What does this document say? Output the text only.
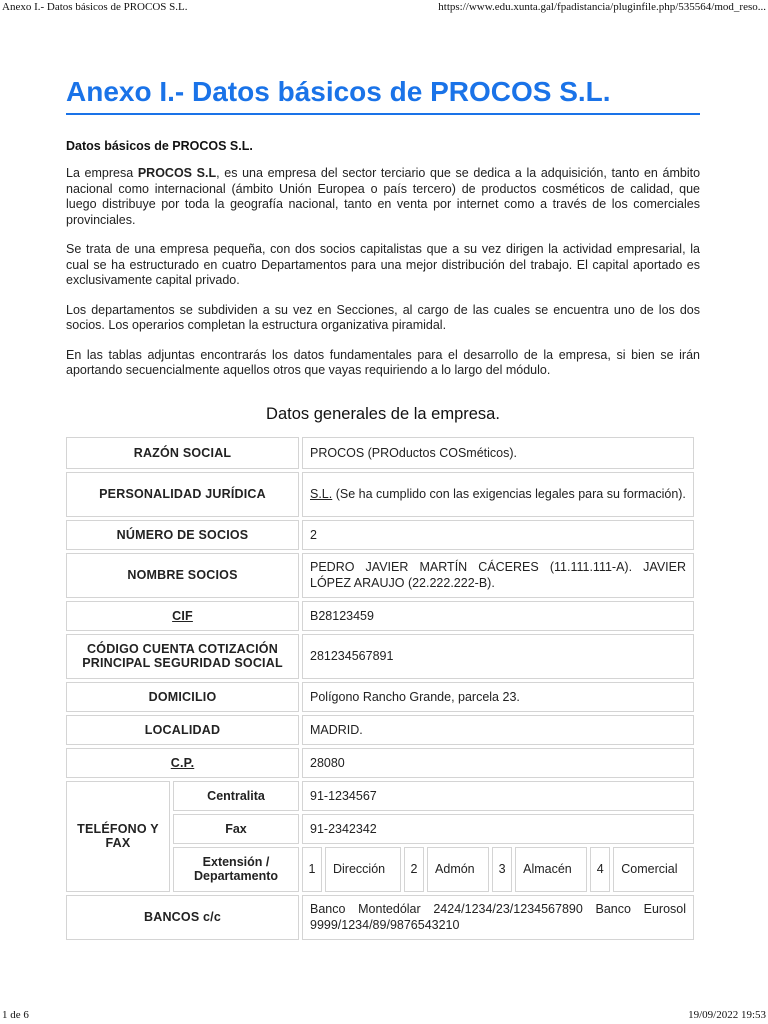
Anexo I.- Datos básicos de PROCOS S.L.	https://www.edu.xunta.gal/fpadistancia/pluginfile.php/535564/mod_reso...
Anexo I.- Datos básicos de PROCOS S.L.
Datos básicos de PROCOS S.L.

La empresa PROCOS S.L, es una empresa del sector terciario que se dedica a la adquisición, tanto en ámbito nacional como internacional (ámbito Unión Europea o país tercero) de productos cosméticos de calidad, que luego distribuye por toda la geografía nacional, tanto en venta por internet como a través de los comerciales provinciales.

Se trata de una empresa pequeña, con dos socios capitalistas que a su vez dirigen la actividad empresarial, la cual se ha estructurado en cuatro Departamentos para una mejor distribución del trabajo. El capital aportado es exclusivamente capital privado.

Los departamentos se subdividen a su vez en Secciones, al cargo de las cuales se encuentra uno de los dos socios. Los operarios completan la estructura organizativa piramidal.

En las tablas adjuntas encontrarás los datos fundamentales para el desarrollo de la empresa, si bien se irán aportando secuencialmente aquellos otros que vayas requiriendo a lo largo del módulo.

Datos generales de la empresa.
RAZÓN SOCIAL		PROCOS (PROductos COSméticos).							
PERSONALIDAD JURÍDICA		S.L. (Se ha cumplido con las exigencias legales para su formación).							
NÚMERO DE SOCIOS		2							
NOMBRE SOCIOS		PEDRO JAVIER MARTÍN CÁCERES (11.111.111-A). JAVIER LÓPEZ ARAUJO (22.222.222-B).							
CIF		B28123459							
CÓDIGO CUENTA COTIZACIÓN
PRINCIPAL SEGURIDAD SOCIAL		281234567891							
DOMICILIO		Polígono Rancho Grande, parcela 23.							
LOCALIDAD		MADRID.							
C.P.		28080							
TELÉFONO Y
FAX	Centralita	91-1234567							
	Fax	91-2342342							
	Extensión /
Departamento	1	Dirección	2	Admón	3	Almacén	4	Comercial
BANCOS c/c		Banco Montedólar 2424/1234/23/1234567890 Banco Eurosol 9999/1234/89/9876543210							
1 de 6	19/09/2022 19:53
